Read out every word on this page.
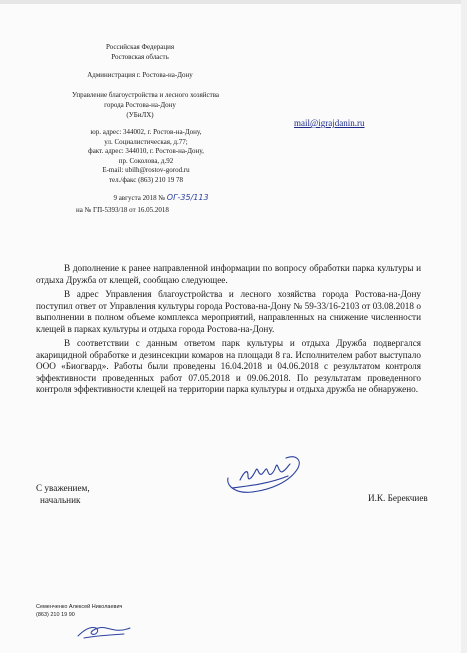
Российская Федерация
Ростовская область
Администрация г. Ростова-на-Дону
Управление благоустройства и лесного хозяйства
города Ростова-на-Дону
(УБиЛХ)
юр. адрес: 344002, г. Ростов-на-Дону,
ул. Социалистическая, д.77;
факт. адрес: 344010, г. Ростов-на-Дону,
пр. Соколова, д.92
E-mail: ubilh@rostov-gorod.ru
тел./факс (863) 210 19 78
9 августа 2018 № ОГ-35/113
на № ГП-5393/18 от 16.05.2018
mail@igrajdanin.ru

В дополнение к ранее направленной информации по вопросу обработки парка культуры и отдыха Дружба от клещей, сообщаю следующее.

В адрес Управления благоустройства и лесного хозяйства города Ростова-на-Дону поступил ответ от Управления культуры города Ростова-на-Дону № 59-33/16-2103 от 03.08.2018 о выполнении в полном объеме комплекса мероприятий, направленных на снижение численности клещей в парках культуры и отдыха города Ростова-на-Дону.

В соответствии с данным ответом парк культуры и отдыха Дружба подвергался акарицидной обработке и дезинсекции комаров на площади 8 га. Исполнителем работ выступало ООО «Биогвард». Работы были проведены 16.04.2018 и 04.06.2018 с результатом контроля эффективности проведенных работ 07.05.2018 и 09.06.2018. По результатам проведенного контроля эффективности клещей на территории парка культуры и отдыха дружба не обнаружено.

С уважением,
начальник	И.К. Берекчиев
Семенченко Алексей Николаевич
(863) 210 19 90
